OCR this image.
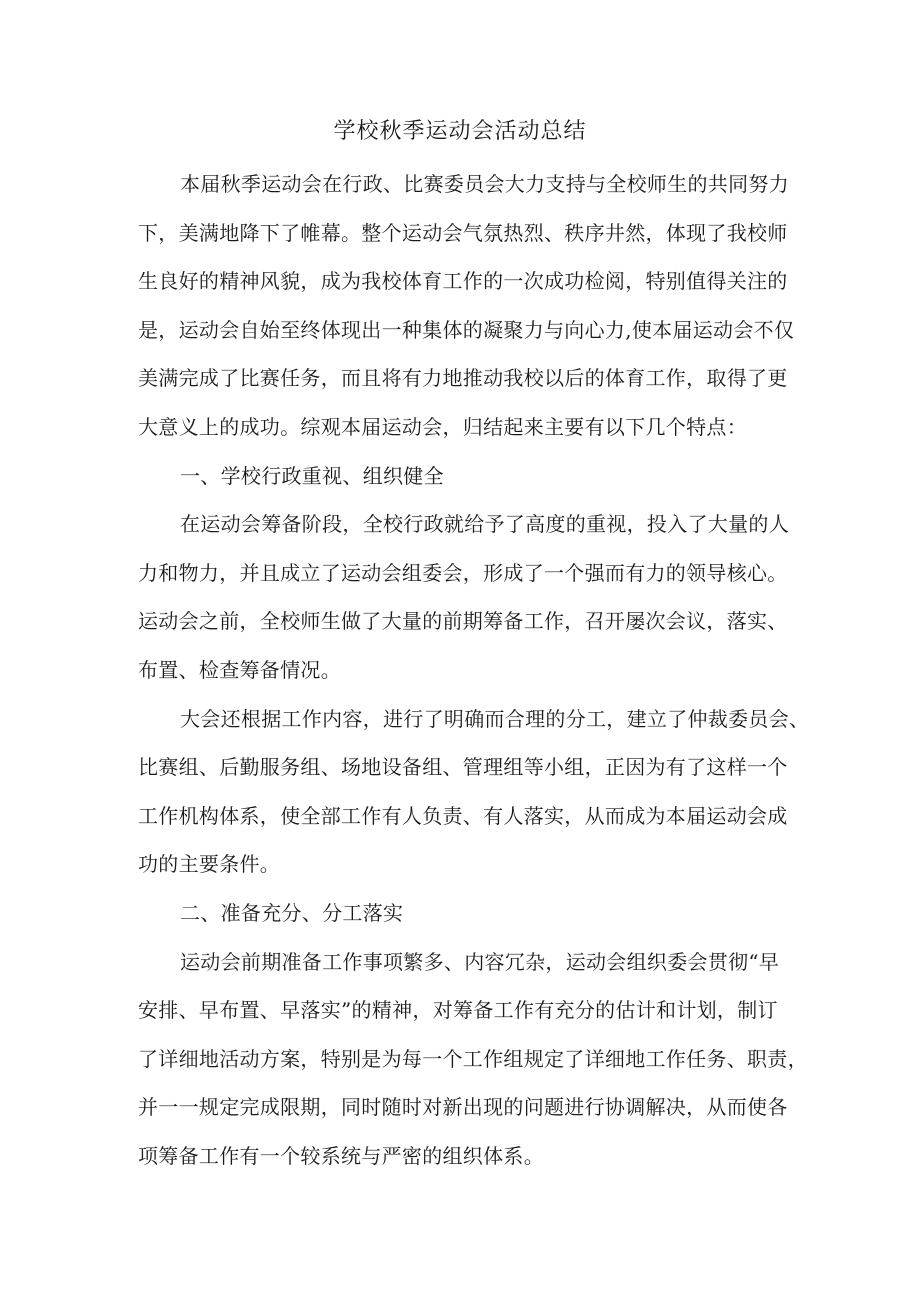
学校秋季运动会活动总结
本届秋季运动会在行政、比赛委员会大力支持与全校师生的共同努力
下，美满地降下了帷幕。整个运动会气氛热烈、秩序井然，体现了我校师
生良好的精神风貌，成为我校体育工作的一次成功检阅，特别值得关注的
是，运动会自始至终体现出一种集体的凝聚力与向心力,使本届运动会不仅
美满完成了比赛任务，而且将有力地推动我校以后的体育工作，取得了更
大意义上的成功。综观本届运动会，归结起来主要有以下几个特点：
一、学校行政重视、组织健全
在运动会筹备阶段，全校行政就给予了高度的重视，投入了大量的人
力和物力，并且成立了运动会组委会，形成了一个强而有力的领导核心。
运动会之前，全校师生做了大量的前期筹备工作，召开屡次会议，落实、
布置、检查筹备情况。
大会还根据工作内容，进行了明确而合理的分工，建立了仲裁委员会、
比赛组、后勤服务组、场地设备组、管理组等小组，正因为有了这样一个
工作机构体系，使全部工作有人负责、有人落实，从而成为本届运动会成
功的主要条件。
二、准备充分、分工落实
运动会前期准备工作事项繁多、内容冗杂，运动会组织委会贯彻“早
安排、早布置、早落实”的精神，对筹备工作有充分的估计和计划，制订
了详细地活动方案，特别是为每一个工作组规定了详细地工作任务、职责，
并一一规定完成限期，同时随时对新出现的问题进行协调解决，从而使各
项筹备工作有一个较系统与严密的组织体系。
